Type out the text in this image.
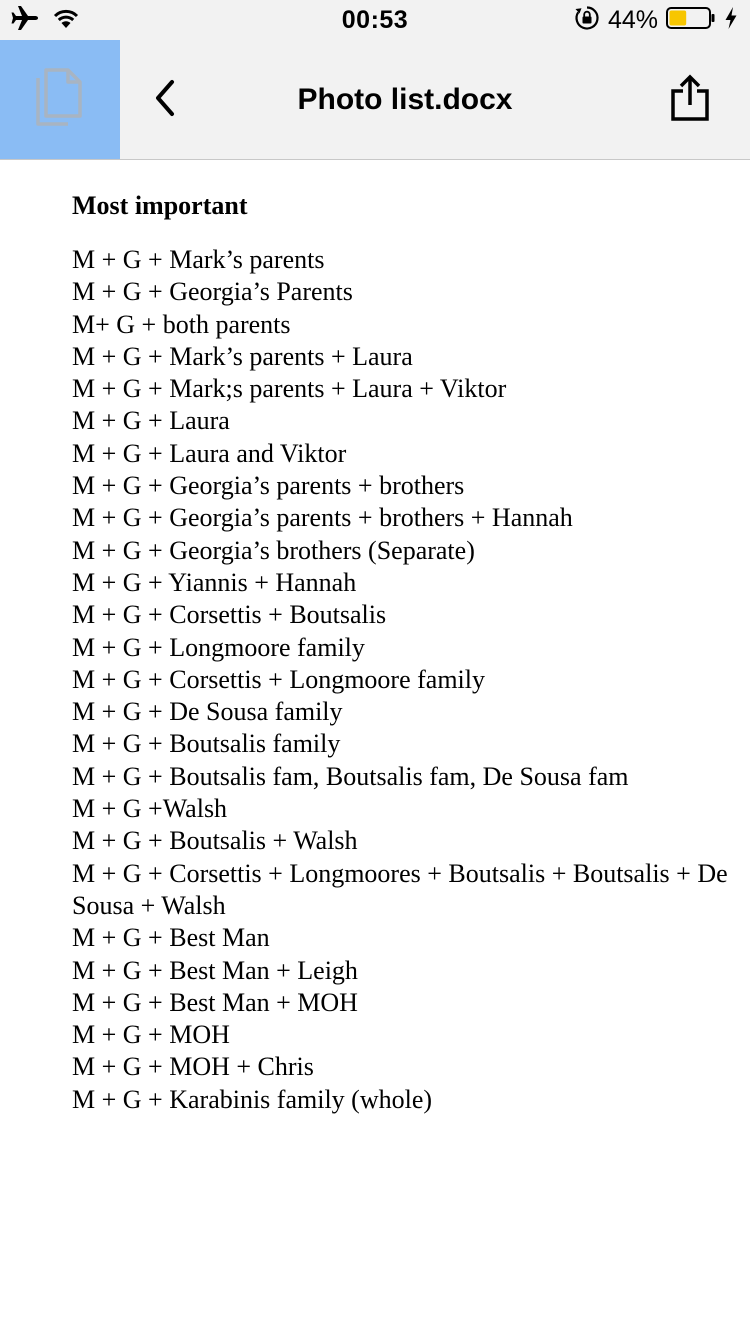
00:53	44%
Photo list.docx
Most important
M + G + Mark’s parents
M + G + Georgia’s Parents
M+ G + both parents
M + G + Mark’s parents + Laura
M + G + Mark;s parents + Laura + Viktor
M + G + Laura
M + G + Laura and Viktor
M + G + Georgia’s parents + brothers
M + G + Georgia’s parents + brothers + Hannah
M + G + Georgia’s brothers (Separate)
M + G + Yiannis + Hannah
M + G + Corsettis + Boutsalis
M + G + Longmoore family
M + G + Corsettis + Longmoore family
M + G + De Sousa family
M + G + Boutsalis family
M + G + Boutsalis fam, Boutsalis fam, De Sousa fam
M + G +Walsh
M + G + Boutsalis + Walsh
M + G + Corsettis + Longmoores + Boutsalis + Boutsalis + De Sousa + Walsh
M + G + Best Man
M + G + Best Man + Leigh
M + G + Best Man + MOH
M + G + MOH
M + G + MOH + Chris
M + G + Karabinis family (whole)
